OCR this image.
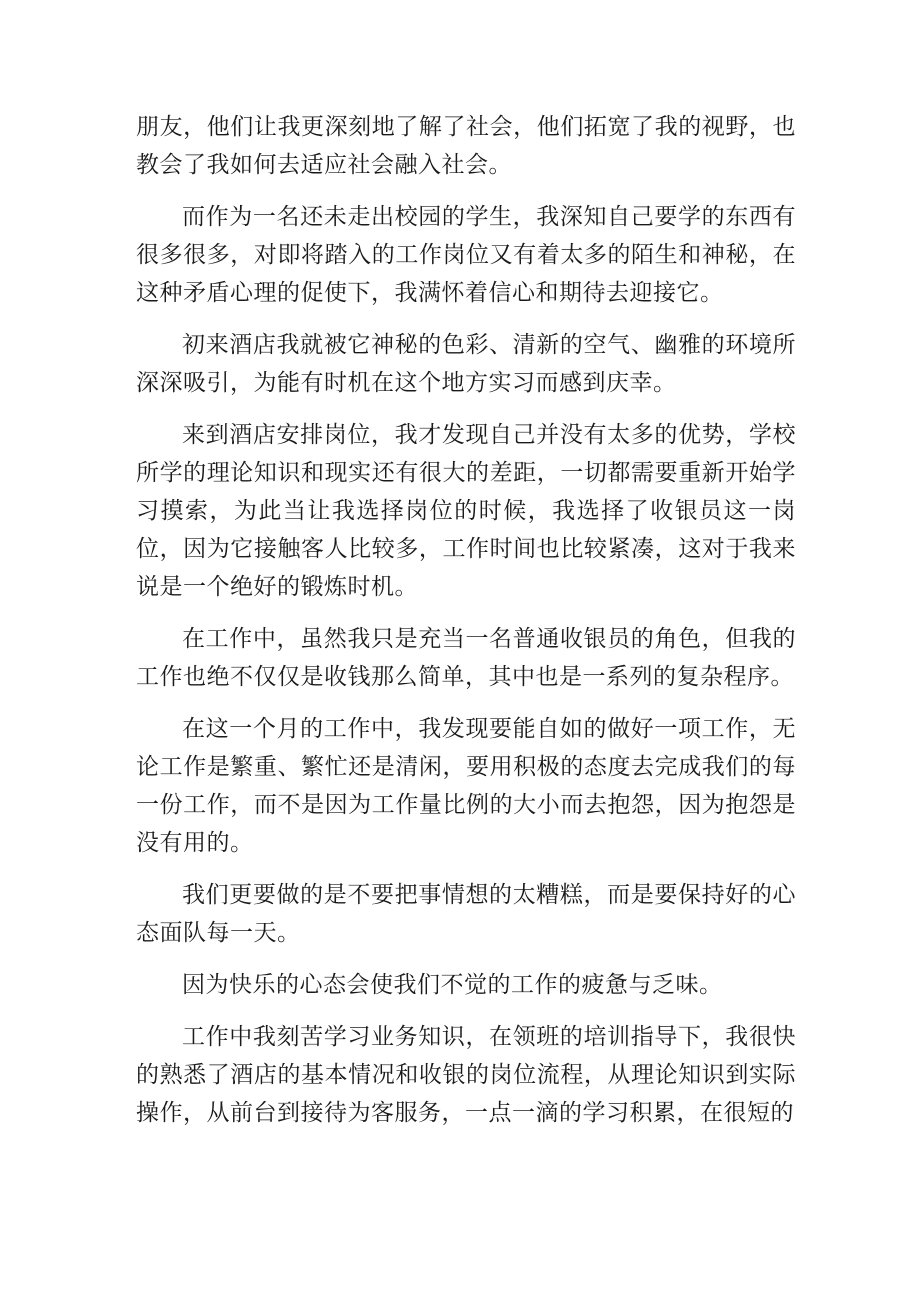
朋友，他们让我更深刻地了解了社会，他们拓宽了我的视野，也教会了我如何去适应社会融入社会。

而作为一名还未走出校园的学生，我深知自己要学的东西有很多很多，对即将踏入的工作岗位又有着太多的陌生和神秘，在这种矛盾心理的促使下，我满怀着信心和期待去迎接它。

初来酒店我就被它神秘的色彩、清新的空气、幽雅的环境所深深吸引，为能有时机在这个地方实习而感到庆幸。

来到酒店安排岗位，我才发现自己并没有太多的优势，学校所学的理论知识和现实还有很大的差距，一切都需要重新开始学习摸索，为此当让我选择岗位的时候，我选择了收银员这一岗位，因为它接触客人比较多，工作时间也比较紧凑，这对于我来说是一个绝好的锻炼时机。

在工作中，虽然我只是充当一名普通收银员的角色，但我的工作也绝不仅仅是收钱那么简单，其中也是一系列的复杂程序。

在这一个月的工作中，我发现要能自如的做好一项工作，无论工作是繁重、繁忙还是清闲，要用积极的态度去完成我们的每一份工作，而不是因为工作量比例的大小而去抱怨，因为抱怨是没有用的。

我们更要做的是不要把事情想的太糟糕，而是要保持好的心态面队每一天。

因为快乐的心态会使我们不觉的工作的疲惫与乏味。

工作中我刻苦学习业务知识，在领班的培训指导下，我很快的熟悉了酒店的基本情况和收银的岗位流程，从理论知识到实际操作，从前台到接待为客服务，一点一滴的学习积累，在很短的
